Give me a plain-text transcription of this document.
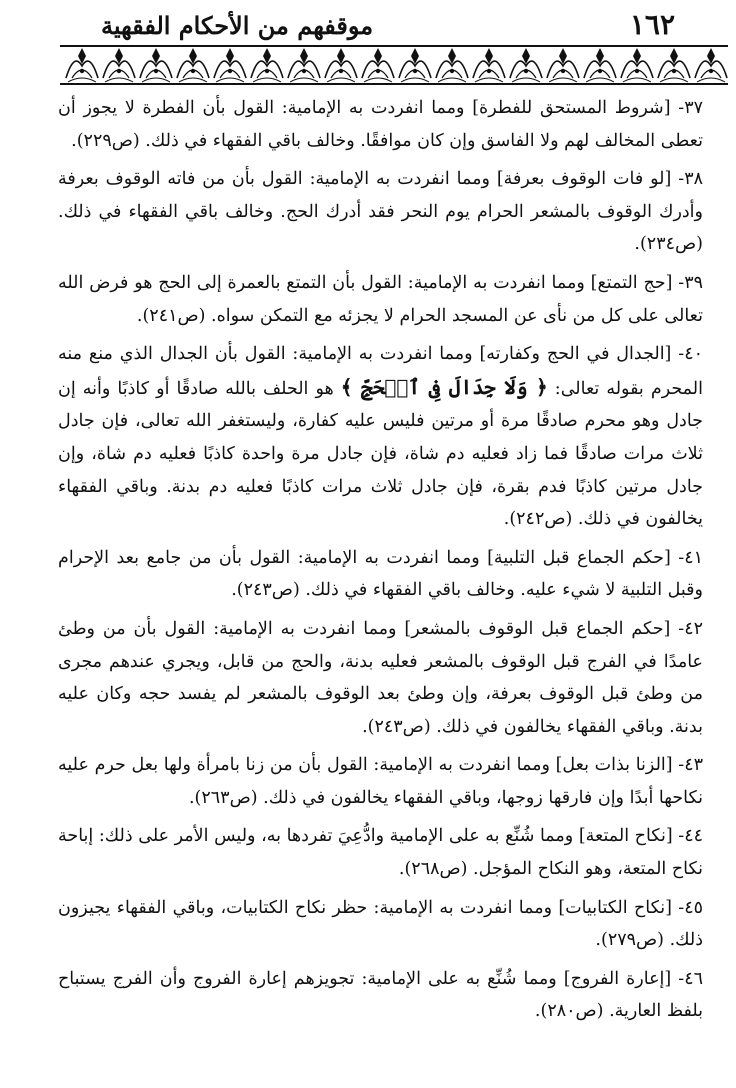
١٦٢
موقفهم من الأحكام الفقهية

٣٧- [شروط المستحق للفطرة] ومما انفردت به الإمامية: القول بأن الفطرة لا يجوز أن تعطى المخالف لهم ولا الفاسق وإن كان موافقًا. وخالف باقي الفقهاء في ذلك. (ص٢٢٩).

٣٨- [لو فات الوقوف بعرفة] ومما انفردت به الإمامية: القول بأن من فاته الوقوف بعرفة وأدرك الوقوف بالمشعر الحرام يوم النحر فقد أدرك الحج. وخالف باقي الفقهاء في ذلك. (ص٢٣٤).

٣٩- [حج التمتع] ومما انفردت به الإمامية: القول بأن التمتع بالعمرة إلى الحج هو فرض الله تعالى على كل من نأى عن المسجد الحرام لا يجزئه مع التمكن سواه. (ص٢٤١).

٤٠- [الجدال في الحج وكفارته] ومما انفردت به الإمامية: القول بأن الجدال الذي منع منه المحرم بقوله تعالى: ﴿ وَلَا جِدَالَ فِى ٱلۡحَجِّ ﴾ هو الحلف بالله صادقًا أو كاذبًا وأنه إن جادل وهو محرم صادقًا مرة أو مرتين فليس عليه كفارة، وليستغفر الله تعالى، فإن جادل ثلاث مرات صادقًا فما زاد فعليه دم شاة، فإن جادل مرة واحدة كاذبًا فعليه دم شاة، وإن جادل مرتين كاذبًا فدم بقرة، فإن جادل ثلاث مرات كاذبًا فعليه دم بدنة. وباقي الفقهاء يخالفون في ذلك. (ص٢٤٢).

٤١- [حكم الجماع قبل التلبية] ومما انفردت به الإمامية: القول بأن من جامع بعد الإحرام وقبل التلبية لا شيء عليه. وخالف باقي الفقهاء في ذلك. (ص٢٤٣).

٤٢- [حكم الجماع قبل الوقوف بالمشعر] ومما انفردت به الإمامية: القول بأن من وطئ عامدًا في الفرج قبل الوقوف بالمشعر فعليه بدنة، والحج من قابل، ويجري عندهم مجرى من وطئ قبل الوقوف بعرفة، وإن وطئ بعد الوقوف بالمشعر لم يفسد حجه وكان عليه بدنة. وباقي الفقهاء يخالفون في ذلك. (ص٢٤٣).

٤٣- [الزنا بذات بعل] ومما انفردت به الإمامية: القول بأن من زنا بامرأة ولها بعل حرم عليه نكاحها أبدًا وإن فارقها زوجها، وباقي الفقهاء يخالفون في ذلك. (ص٢٦٣).

٤٤- [نكاح المتعة] ومما شُنِّع به على الإمامية وادُّعِيَ تفردها به، وليس الأمر على ذلك: إباحة نكاح المتعة، وهو النكاح المؤجل. (ص٢٦٨).

٤٥- [نكاح الكتابيات] ومما انفردت به الإمامية: حظر نكاح الكتابيات، وباقي الفقهاء يجيزون ذلك. (ص٢٧٩).

٤٦- [إعارة الفروج] ومما شُنِّع به على الإمامية: تجويزهم إعارة الفروج وأن الفرج يستباح بلفظ العارية. (ص٢٨٠).
